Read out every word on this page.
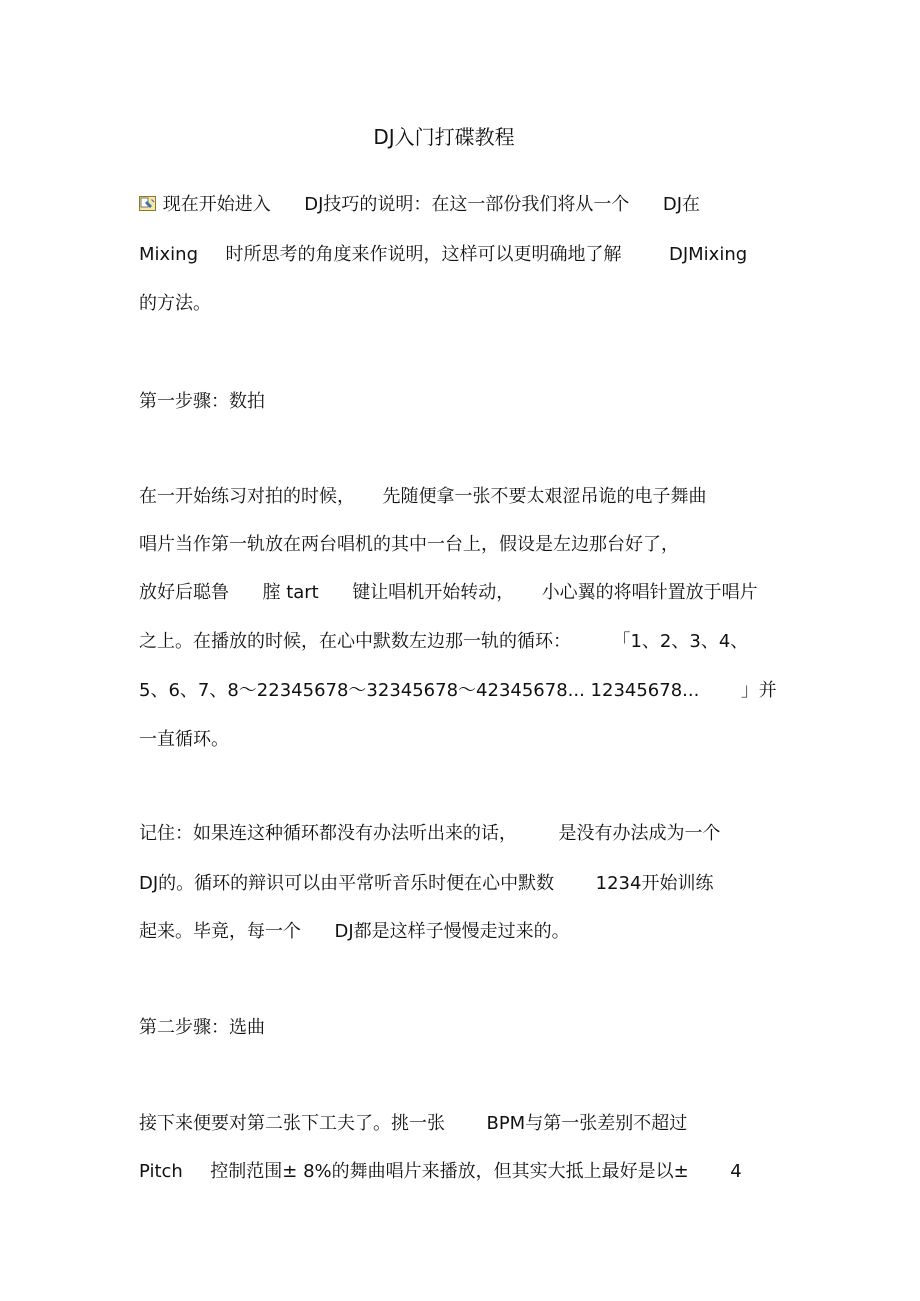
DJ入门打碟教程
现在开始进入 DJ技巧的说明：在这一部份我们将从一个 DJ在
Mixing 时所思考的角度来作说明，这样可以更明确地了解	DJMixing
的方法。
第一步骤：数拍
在一开始练习对拍的时候， 先随便拿一张不要太艰涩吊诡的电子舞曲
唱片当作第一轨放在两台唱机的其中一台上，假设是左边那台好了，
放好后聪鲁 腟 tart 键让唱机开始转动， 小心翼的将唱针置放于唱片
之上。在播放的时候，在心中默数左边那一轨的循环： 「1、2、3、4、
5、6、7、8～22345678～32345678～42345678... 12345678... 」并
一直循环。
记住：如果连这种循环都没有办法听出来的话， 是没有办法成为一个
DJ的。循环的辩识可以由平常听音乐时便在心中默数 1234开始训练
起来。毕竟，每一个 DJ都是这样子慢慢走过来的。
第二步骤：选曲
接下来便要对第二张下工夫了。挑一张 BPM与第一张差别不超过
Pitch 控制范围± 8%的舞曲唱片来播放，但其实大抵上最好是以± 4
